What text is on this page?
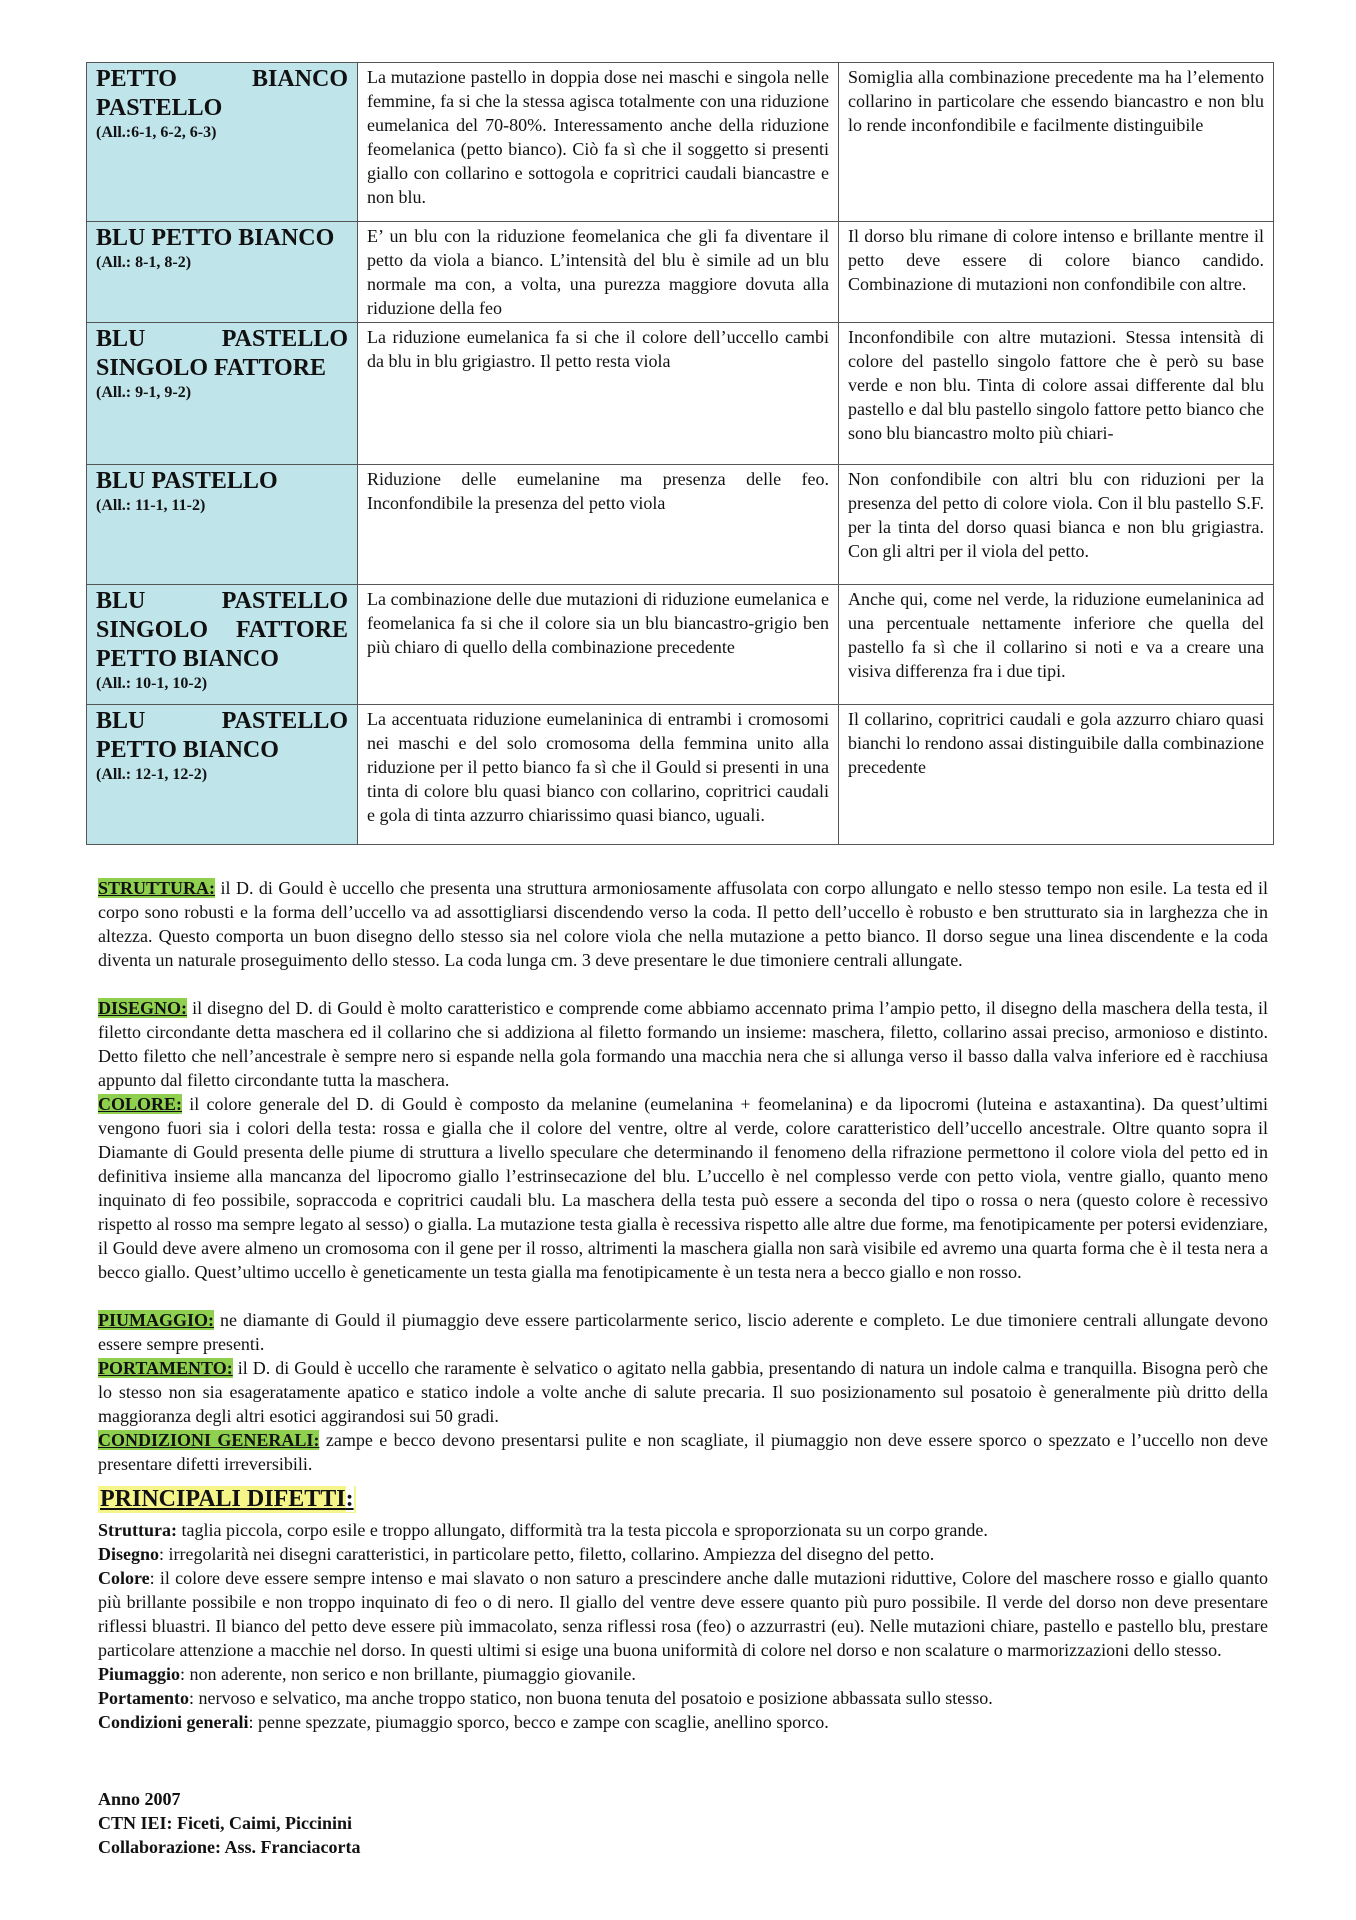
PETTO BIANCO PASTELLO
(All.:6-1, 6-2, 6-3)	La mutazione pastello in doppia dose nei maschi e singola nelle femmine, fa si che la stessa agisca totalmente con una riduzione eumelanica del 70-80%. Interessamento anche della riduzione feomelanica (petto bianco). Ciò fa sì che il soggetto si presenti giallo con collarino e sottogola e copritrici caudali biancastre e non blu.	Somiglia alla combinazione precedente ma ha l’elemento collarino in particolare che essendo biancastro e non blu lo rende inconfondibile e facilmente distinguibile

BLU PETTO BIANCO
(All.: 8-1, 8-2)	E’ un blu con la riduzione feomelanica che gli fa diventare il petto da viola a bianco. L’intensità del blu è simile ad un blu normale ma con, a volta, una purezza maggiore dovuta alla riduzione della feo	Il dorso blu rimane di colore intenso e brillante mentre il petto deve essere di colore bianco candido. Combinazione di mutazioni non confondibile con altre.

BLU PASTELLO SINGOLO FATTORE
(All.: 9-1, 9-2)	La riduzione eumelanica fa si che il colore dell’uccello cambi da blu in blu grigiastro. Il petto resta viola	Inconfondibile con altre mutazioni. Stessa intensità di colore del pastello singolo fattore che è però su base verde e non blu. Tinta di colore assai differente dal blu pastello e dal blu pastello singolo fattore petto bianco che sono blu biancastro molto più chiari-

BLU PASTELLO
(All.: 11-1, 11-2)	Riduzione delle eumelanine ma presenza delle feo. Inconfondibile la presenza del petto viola	Non confondibile con altri blu con riduzioni per la presenza del petto di colore viola. Con il blu pastello S.F. per la tinta del dorso quasi bianca e non blu grigiastra. Con gli altri per il viola del petto.

BLU PASTELLO SINGOLO FATTORE PETTO BIANCO
(All.: 10-1, 10-2)	La combinazione delle due mutazioni di riduzione eumelanica e feomelanica fa si che il colore sia un blu biancastro-grigio ben più chiaro di quello della combinazione precedente	Anche qui, come nel verde, la riduzione eumelaninica ad una percentuale nettamente inferiore che quella del pastello fa sì che il collarino si noti e va a creare una visiva differenza fra i due tipi.

BLU PASTELLO PETTO BIANCO
(All.: 12-1, 12-2)	La accentuata riduzione eumelaninica di entrambi i cromosomi nei maschi e del solo cromosoma della femmina unito alla riduzione per il petto bianco fa sì che il Gould si presenti in una tinta di colore blu quasi bianco con collarino, copritrici caudali e gola di tinta azzurro chiarissimo quasi bianco, uguali.	Il collarino, copritrici caudali e gola azzurro chiaro quasi bianchi lo rendono assai distinguibile dalla combinazione precedente
STRUTTURA: il D. di Gould è uccello che presenta una struttura armoniosamente affusolata con corpo allungato e nello stesso tempo non esile. La testa ed il corpo sono robusti e la forma dell’uccello va ad assottigliarsi discendendo verso la coda. Il petto dell’uccello è robusto e ben strutturato sia in larghezza che in altezza. Questo comporta un buon disegno dello stesso sia nel colore viola che nella mutazione a petto bianco. Il dorso segue una linea discendente e la coda diventa un naturale proseguimento dello stesso. La coda lunga cm. 3 deve presentare le due timoniere centrali allungate.
DISEGNO: il disegno del D. di Gould è molto caratteristico e comprende come abbiamo accennato prima l’ampio petto, il disegno della maschera della testa, il filetto circondante detta maschera ed il collarino che si addiziona al filetto formando un insieme: maschera, filetto, collarino assai preciso, armonioso e distinto. Detto filetto che nell’ancestrale è sempre nero si espande nella gola formando una macchia nera che si allunga verso il basso dalla valva inferiore ed è racchiusa appunto dal filetto circondante tutta la maschera.
COLORE: il colore generale del D. di Gould è composto da melanine (eumelanina + feomelanina) e da lipocromi (luteina e astaxantina). Da quest’ultimi vengono fuori sia i colori della testa: rossa e gialla che il colore del ventre, oltre al verde, colore caratteristico dell’uccello ancestrale. Oltre quanto sopra il Diamante di Gould presenta delle piume di struttura a livello speculare che determinando il fenomeno della rifrazione permettono il colore viola del petto ed in definitiva insieme alla mancanza del lipocromo giallo l’estrinsecazione del blu. L’uccello è nel complesso verde con petto viola, ventre giallo, quanto meno inquinato di feo possibile, sopraccoda e copritrici caudali blu. La maschera della testa può essere a seconda del tipo o rossa o nera (questo colore è recessivo rispetto al rosso ma sempre legato al sesso) o gialla. La mutazione testa gialla è recessiva rispetto alle altre due forme, ma fenotipicamente per potersi evidenziare, il Gould deve avere almeno un cromosoma con il gene per il rosso, altrimenti la maschera gialla non sarà visibile ed avremo una quarta forma che è il testa nera a becco giallo. Quest’ultimo uccello è geneticamente un testa gialla ma fenotipicamente è un testa nera a becco giallo e non rosso.
PIUMAGGIO: ne diamante di Gould il piumaggio deve essere particolarmente serico, liscio aderente e completo. Le due timoniere centrali allungate devono essere sempre presenti.
PORTAMENTO: il D. di Gould è uccello che raramente è selvatico o agitato nella gabbia, presentando di natura un indole calma e tranquilla. Bisogna però che lo stesso non sia esageratamente apatico e statico indole a volte anche di salute precaria. Il suo posizionamento sul posatoio è generalmente più dritto della maggioranza degli altri esotici aggirandosi sui 50 gradi.
CONDIZIONI GENERALI: zampe e becco devono presentarsi pulite e non scagliate, il piumaggio non deve essere sporco o spezzato e l’uccello non deve presentare difetti irreversibili.
PRINCIPALI DIFETTI:
Struttura: taglia piccola, corpo esile e troppo allungato, difformità tra la testa piccola e sproporzionata su un corpo grande.
Disegno: irregolarità nei disegni caratteristici, in particolare petto, filetto, collarino. Ampiezza del disegno del petto.
Colore: il colore deve essere sempre intenso e mai slavato o non saturo a prescindere anche dalle mutazioni riduttive, Colore del maschere rosso e giallo quanto più brillante possibile e non troppo inquinato di feo o di nero. Il giallo del ventre deve essere quanto più puro possibile. Il verde del dorso non deve presentare riflessi bluastri. Il bianco del petto deve essere più immacolato, senza riflessi rosa (feo) o azzurrastri (eu). Nelle mutazioni chiare, pastello e pastello blu, prestare particolare attenzione a macchie nel dorso. In questi ultimi si esige una buona uniformità di colore nel dorso e non scalature o marmorizzazioni dello stesso.
Piumaggio: non aderente, non serico e non brillante, piumaggio giovanile.
Portamento: nervoso e selvatico, ma anche troppo statico, non buona tenuta del posatoio e posizione abbassata sullo stesso.
Condizioni generali: penne spezzate, piumaggio sporco, becco e zampe con scaglie, anellino sporco.
Anno 2007
CTN IEI: Ficeti, Caimi, Piccinini
Collaborazione: Ass. Franciacorta
